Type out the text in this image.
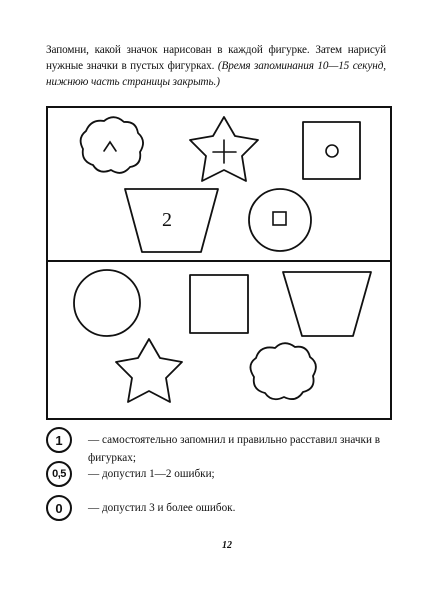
Запомни, какой значок нарисован в каждой фигурке. Затем нарисуй нужные значки в пустых фигурках. (Время запоминания 10—15 секунд, нижнюю часть страницы закрыть.)
2
1	— самостоятельно запомнил и правильно расставил значки в фигурках;
0,5	— допустил 1—2 ошибки;
0	— допустил 3 и более ошибок.
12
